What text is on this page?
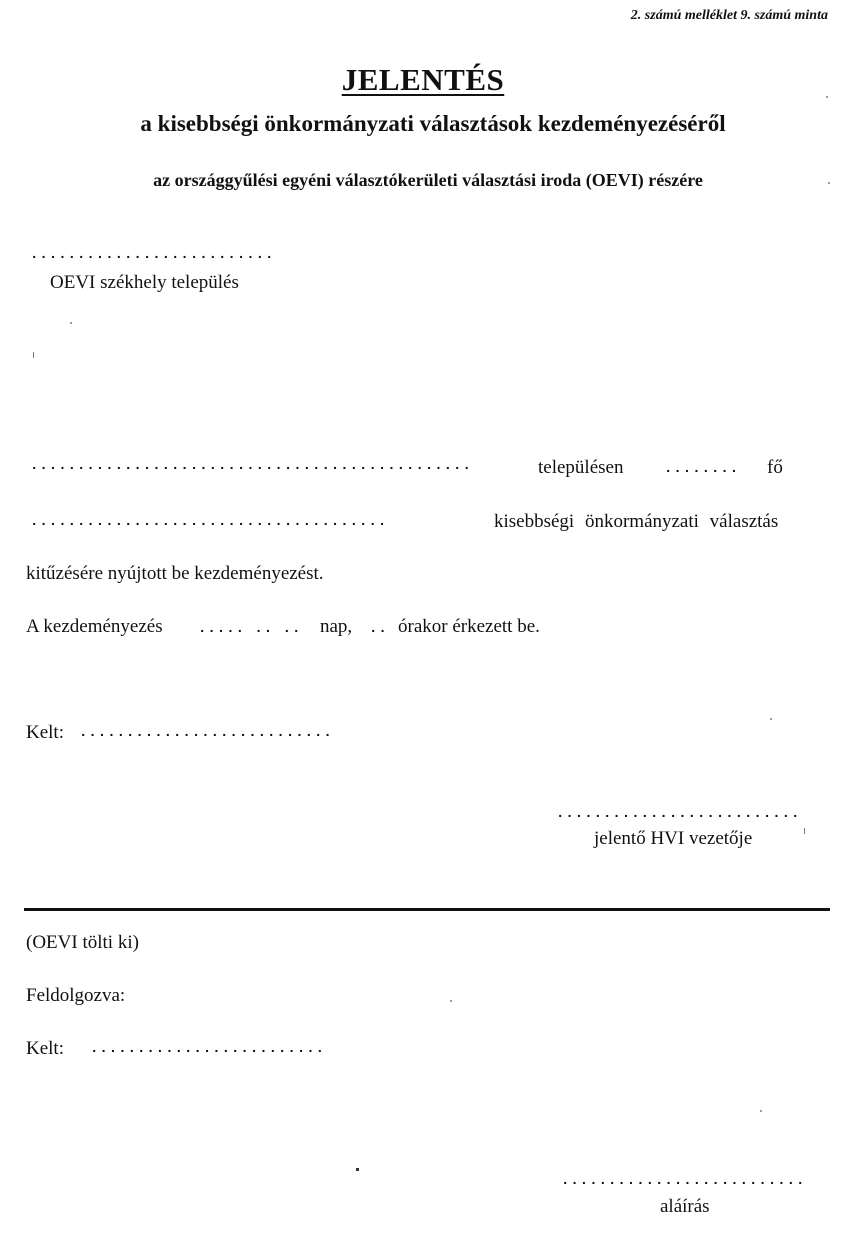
2. számú melléklet 9. számú minta
JELENTÉS
a kisebbségi önkormányzati választások kezdeményezéséről
az országgyűlési egyéni választókerületi választási iroda (OEVI) részére
..........................
OEVI székhely település
...............................................	településen	........ fő
......................................	kisebbségi önkormányzati választás
kitűzésére nyújtott be kezdeményezést.
A kezdeményezés	..... .. .. nap, .. órakor érkezett be.
Kelt: ...........................
..........................
jelentő HVI vezetője
(OEVI tölti ki)
Feldolgozva:
Kelt: .........................
..........................
aláírás
